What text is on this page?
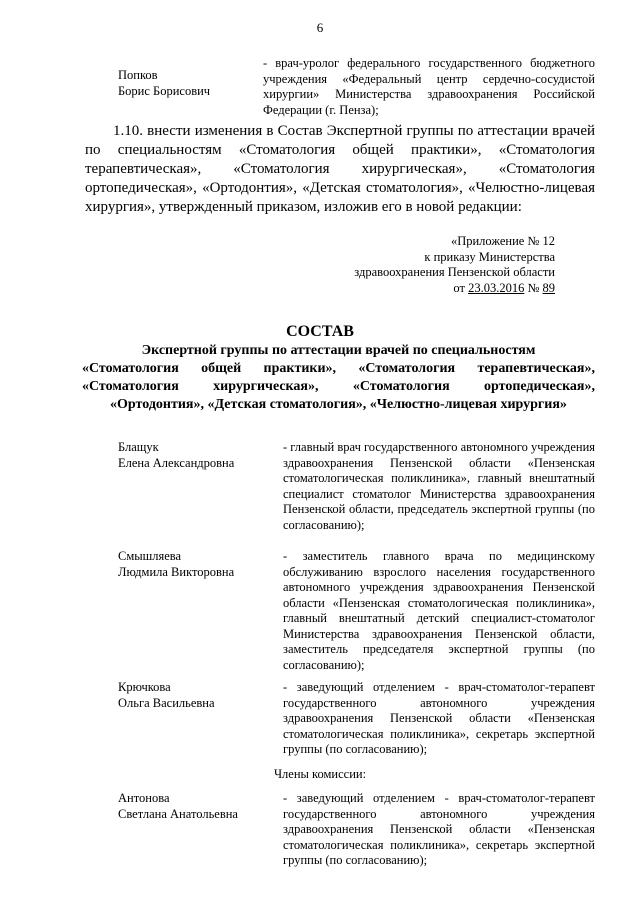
6
Попков
Борис Борисович
- врач-уролог федерального государственного бюджетного учреждения «Федеральный центр сердечно-сосудистой хирургии» Министерства здравоохранения Российской Федерации (г. Пенза);
1.10. внести изменения в Состав Экспертной группы по аттестации врачей по специальностям «Стоматология общей практики», «Стоматология терапевтическая», «Стоматология хирургическая», «Стоматология ортопедическая», «Ортодонтия», «Детская стоматология», «Челюстно-лицевая хирургия», утвержденный приказом, изложив его в новой редакции:
«Приложение № 12
к приказу Министерства
здравоохранения Пензенской области
от 23.03.2016 № 89
СОСТАВ
Экспертной группы по аттестации врачей по специальностям
«Стоматология общей практики», «Стоматология терапевтическая»,
«Стоматология хирургическая», «Стоматология ортопедическая»,
«Ортодонтия», «Детская стоматология», «Челюстно-лицевая хирургия»
Блащук
Елена Александровна
- главный врач государственного автономного учреждения здравоохранения Пензенской области «Пензенская стоматологическая поликлиника», главный внештатный специалист стоматолог Министерства здравоохранения Пензенской области, председатель экспертной группы (по согласованию);
Смышляева
Людмила Викторовна
- заместитель главного врача по медицинскому обслуживанию взрослого населения государственного автономного учреждения здравоохранения Пензенской области «Пензенская стоматологическая поликлиника», главный внештатный детский специалист-стоматолог Министерства здравоохранения Пензенской области, заместитель председателя экспертной группы (по согласованию);
Крючкова
Ольга Васильевна
- заведующий отделением - врач-стоматолог-терапевт государственного автономного учреждения здравоохранения Пензенской области «Пензенская стоматологическая поликлиника», секретарь экспертной группы (по согласованию);
Члены комиссии:
Антонова
Светлана Анатольевна
- заведующий отделением - врач-стоматолог-терапевт государственного автономного учреждения здравоохранения Пензенской области «Пензенская стоматологическая поликлиника», секретарь экспертной группы (по согласованию);
